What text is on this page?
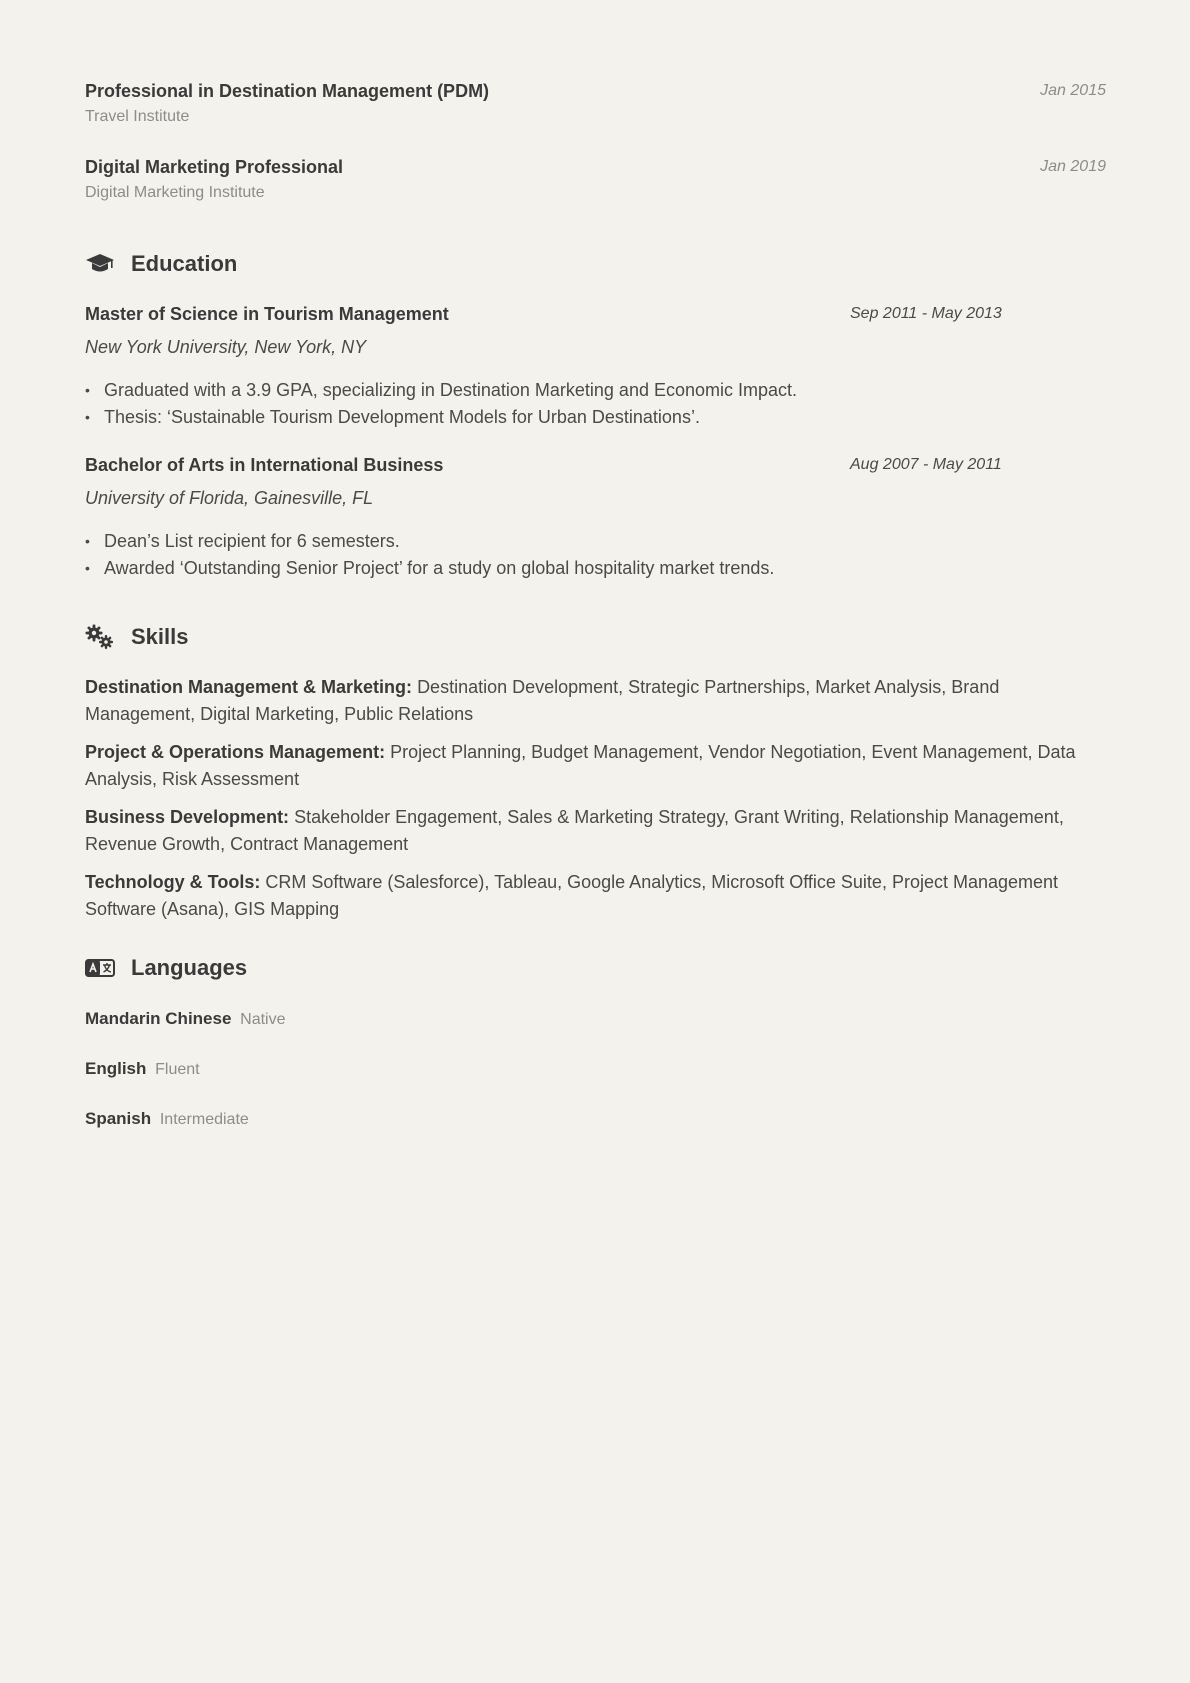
Professional in Destination Management (PDM)
Travel Institute
Jan 2015
Digital Marketing Professional
Digital Marketing Institute
Jan 2019
Education
Master of Science in Tourism Management	Sep 2011 - May 2013
New York University, New York, NY
• Graduated with a 3.9 GPA, specializing in Destination Marketing and Economic Impact.
• Thesis: ‘Sustainable Tourism Development Models for Urban Destinations’.
Bachelor of Arts in International Business	Aug 2007 - May 2011
University of Florida, Gainesville, FL
• Dean’s List recipient for 6 semesters.
• Awarded ‘Outstanding Senior Project’ for a study on global hospitality market trends.
Skills
Destination Management & Marketing: Destination Development, Strategic Partnerships, Market Analysis, Brand Management, Digital Marketing, Public Relations
Project & Operations Management: Project Planning, Budget Management, Vendor Negotiation, Event Management, Data Analysis, Risk Assessment
Business Development: Stakeholder Engagement, Sales & Marketing Strategy, Grant Writing, Relationship Management, Revenue Growth, Contract Management
Technology & Tools: CRM Software (Salesforce), Tableau, Google Analytics, Microsoft Office Suite, Project Management Software (Asana), GIS Mapping
Languages
Mandarin Chinese Native
English Fluent
Spanish Intermediate
